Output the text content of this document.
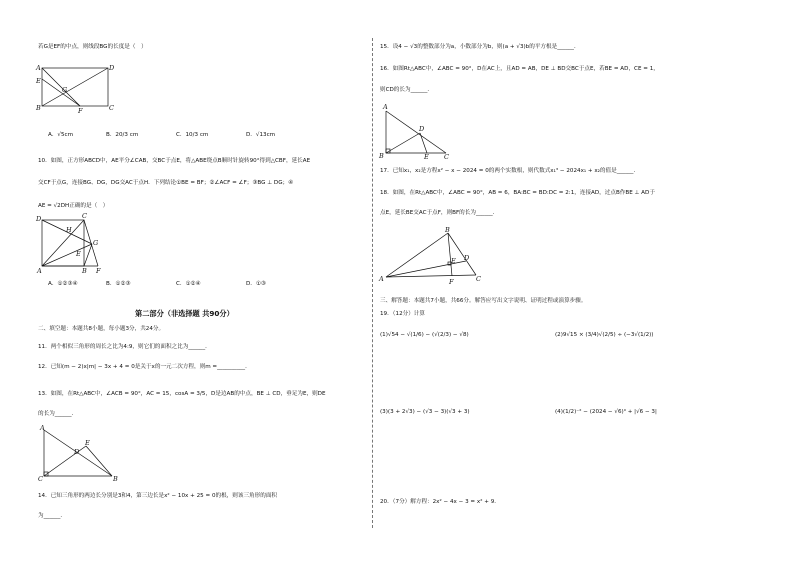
若G是EF的中点，则线段BG的长度是（　）
A	D
B	C
G
E
F
A．√5cm	B．20/3 cm	C．10/3 cm	D．√13cm
10．如图，正方形ABCD中，AE平分∠CAB，交BC于点E，将△ABE绕点B顺时针旋转90°得到△CBF，延长AE
交CF于点G，连接BG、DG，DG交AC于点H．下列结论①BE = BF；②∠ACF = ∠F；③BG ⊥ DG；④
AE = √2DH正确的是（　）
D	C
H
G
E
A	B F
A．①②③④	B．①②③	C．①②④	D．①③
第二部分（非选择题 共90分）
二、填空题：本题共8小题，每小题3分，共24分。
11．两个相似三角形的周长之比为4:9，则它们的面积之比为______．
12．已知(m − 2)x|m| − 3x + 4 = 0是关于x的一元二次方程，则m =__________．
13．如图，在Rt△ABC中，∠ACB = 90°，AC = 15，cosA = 3/5，D是边AB的中点，BE ⊥ CD，垂足为E，则DE
的长为______．
A
E
D
C	B
14．已知三角形的两边长分别是3和4，第三边长是x² − 10x + 25 = 0的根，则该三角形的面积
为______．
15．设4 − √3的整数部分为a，小数部分为b，则(a + √3)b的平方根是______．
16．如图Rt△ABC中，∠ABC = 90°，D在AC上，且AD = AB，DE ⊥ BD交BC于点E，若BE = AD，CE = 1，
则CD的长为______．
A
D
B	E C
17．已知x₁，x₂是方程x² − x − 2024 = 0的两个实数根，则代数式x₁³ − 2024x₁ + x₂的值是______．
18．如图，在Rt△ABC中，∠ABC = 90°，AB = 6，BA:BC = BD:DC = 2:1，连接AD，过点B作BE ⊥ AD于
点E，延长BE交AC于点F，则BF的长为______．
B
E D
A	F	C
三、解答题：本题共7小题，共66分。解答应写出文字说明、证明过程或演算步骤。
19．（12分）计算
(1)√54 − √(1/6) − (√(2/3) − √8)	(2)9√15 × (3/4)√(2/5) ÷ (−3√(1/2))
(3)(3 + 2√3) − (√3 − 3)(√3 + 3)	(4)(1/2)⁻² − (2024 − √6)⁰ + |√6 − 3|
20．（7分）解方程：2x² − 4x − 3 = x² + 9．
